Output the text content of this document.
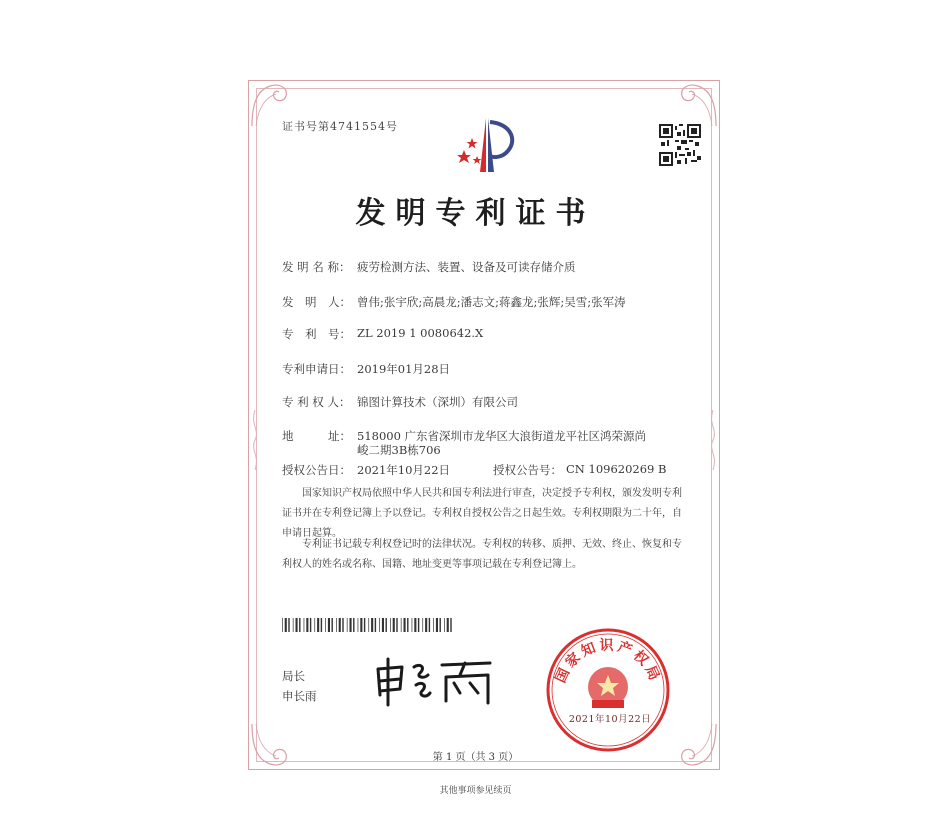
证书号第4741554号
发明专利证书
发 明 名 称： 疲劳检测方法、装置、设备及可读存储介质
发　明　人： 曾伟;张宇欣;高晨龙;潘志文;蒋鑫龙;张辉;吴雪;张军涛
专　利　号： ZL 2019 1 0080642.X
专利申请日： 2019年01月28日
专 利 权 人： 锦图计算技术（深圳）有限公司
地　　　址： 518000 广东省深圳市龙华区大浪街道龙平社区鸿荣源尚
峻二期3B栋706
授权公告日： 2021年10月22日	授权公告号： CN 109620269 B
国家知识产权局依照中华人民共和国专利法进行审查，决定授予专利权，颁发发明专利
证书并在专利登记簿上予以登记。专利权自授权公告之日起生效。专利权期限为二十年，自
申请日起算。
专利证书记载专利权登记时的法律状况。专利权的转移、质押、无效、终止、恢复和专
利权人的姓名或名称、国籍、地址变更等事项记载在专利登记簿上。
局长
申长雨
国家知识产权局
2021年10月22日
第 1 页（共 3 页）
其他事项参见续页
